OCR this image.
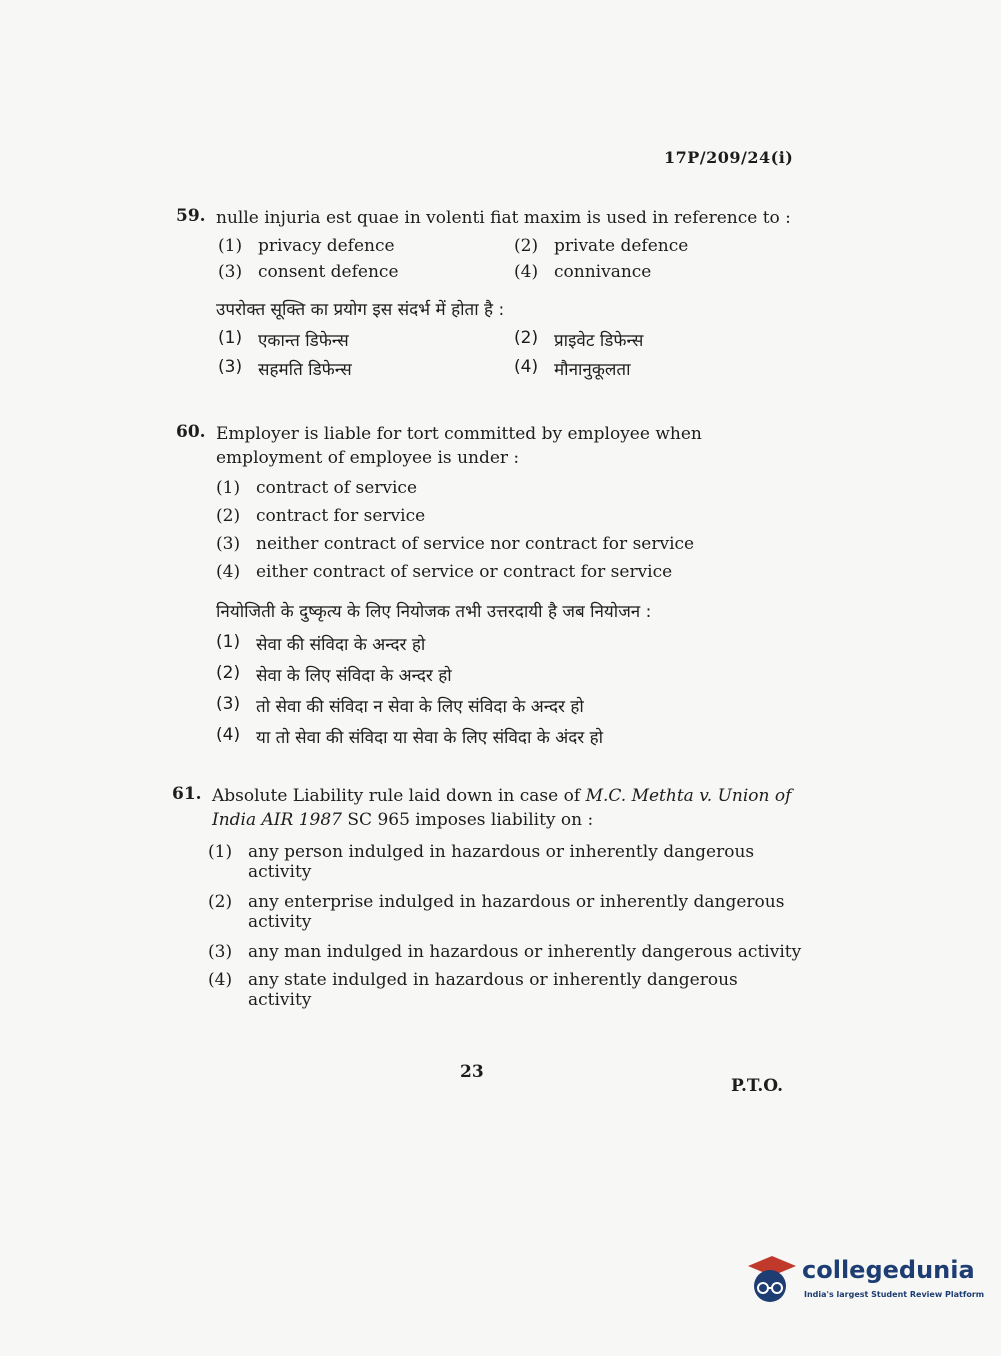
17P/209/24(i)
59. nulle injuria est quae in volenti fiat maxim is used in reference to :
(1) privacy defence	(2) private defence
(3) consent defence	(4) connivance
उपरोक्त सूक्ति का प्रयोग इस संदर्भ में होता है :
(1) एकान्त डिफेन्स	(2) प्राइवेट डिफेन्स
(3) सहमति डिफेन्स	(4) मौनानुकूलता
60. Employer is liable for tort committed by employee when employment of employee is under :
(1) contract of service
(2) contract for service
(3) neither contract of service nor contract for service
(4) either contract of service or contract for service
नियोजिती के दुष्कृत्य के लिए नियोजक तभी उत्तरदायी है जब नियोजन :
(1) सेवा की संविदा के अन्दर हो
(2) सेवा के लिए संविदा के अन्दर हो
(3) तो सेवा की संविदा न सेवा के लिए संविदा के अन्दर हो
(4) या तो सेवा की संविदा या सेवा के लिए संविदा के अंदर हो
61. Absolute Liability rule laid down in case of M.C. Methta v. Union of India AIR 1987 SC 965 imposes liability on :
(1) any person indulged in hazardous or inherently dangerous activity
(2) any enterprise indulged in hazardous or inherently dangerous activity
(3) any man indulged in hazardous or inherently dangerous activity
(4) any state indulged in hazardous or inherently dangerous activity
23
P.T.O.
collegedunia
India's largest Student Review Platform
